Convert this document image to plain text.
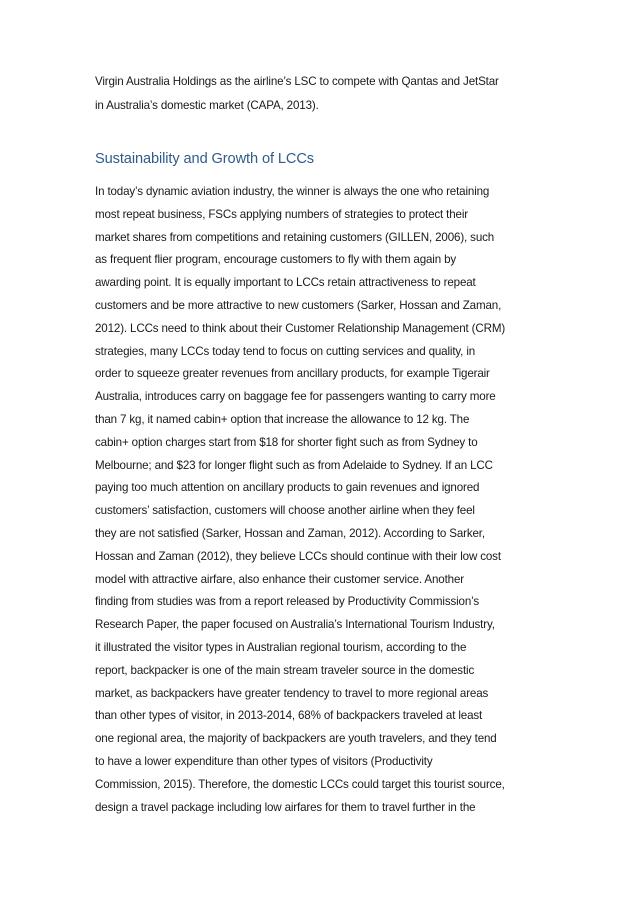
Virgin Australia Holdings as the airline’s LSC to compete with Qantas and JetStar
in Australia’s domestic market (CAPA, 2013).
Sustainability and Growth of LCCs
In today’s dynamic aviation industry, the winner is always the one who retaining
most repeat business, FSCs applying numbers of strategies to protect their
market shares from competitions and retaining customers (GILLEN, 2006), such
as frequent flier program, encourage customers to fly with them again by
awarding point. It is equally important to LCCs retain attractiveness to repeat
customers and be more attractive to new customers (Sarker, Hossan and Zaman,
2012). LCCs need to think about their Customer Relationship Management (CRM)
strategies, many LCCs today tend to focus on cutting services and quality, in
order to squeeze greater revenues from ancillary products, for example Tigerair
Australia, introduces carry on baggage fee for passengers wanting to carry more
than 7 kg, it named cabin+ option that increase the allowance to 12 kg. The
cabin+ option charges start from $18 for shorter fight such as from Sydney to
Melbourne; and $23 for longer flight such as from Adelaide to Sydney. If an LCC
paying too much attention on ancillary products to gain revenues and ignored
customers’ satisfaction, customers will choose another airline when they feel
they are not satisfied (Sarker, Hossan and Zaman, 2012). According to Sarker,
Hossan and Zaman (2012), they believe LCCs should continue with their low cost
model with attractive airfare, also enhance their customer service. Another
finding from studies was from a report released by Productivity Commission’s
Research Paper, the paper focused on Australia’s International Tourism Industry,
it illustrated the visitor types in Australian regional tourism, according to the
report, backpacker is one of the main stream traveler source in the domestic
market, as backpackers have greater tendency to travel to more regional areas
than other types of visitor, in 2013-2014, 68% of backpackers traveled at least
one regional area, the majority of backpackers are youth travelers, and they tend
to have a lower expenditure than other types of visitors (Productivity
Commission, 2015). Therefore, the domestic LCCs could target this tourist source,
design a travel package including low airfares for them to travel further in the
